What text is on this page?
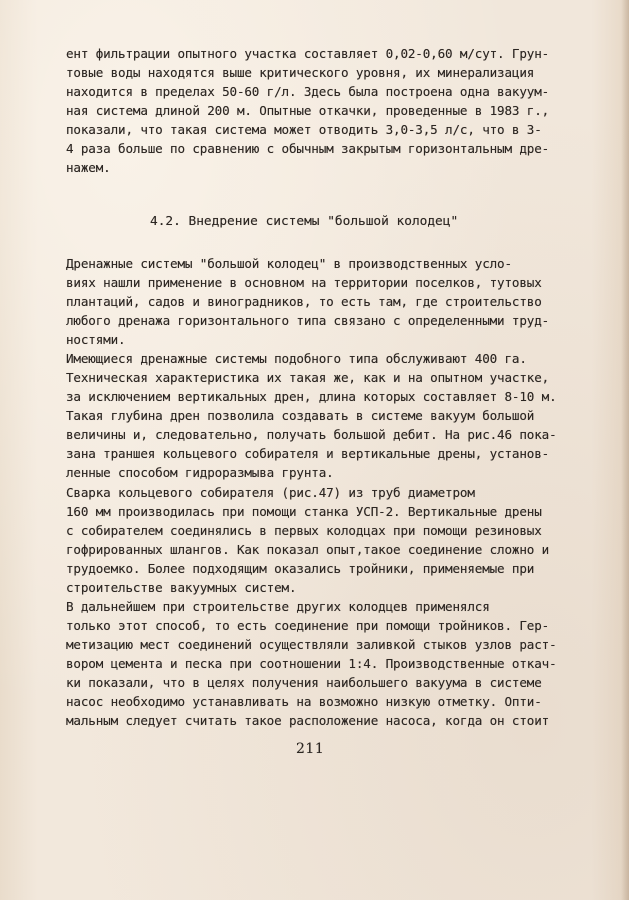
ент фильтрации опытного участка составляет 0,02-0,60 м/сут. Грун-
товые воды находятся выше критического уровня, их минерализация
находится в пределах 50-60 г/л. Здесь была построена одна вакуум-
ная система длиной 200 м. Опытные откачки, проведенные в 1983 г.,
показали, что такая система может отводить 3,0-3,5 л/с, что в 3-
4 раза больше по сравнению с обычным закрытым горизонтальным дре-
нажем.
4.2. Внедрение системы "большой колодец"
Дренажные системы "большой колодец" в производственных усло-
виях нашли применение в основном на территории поселков, тутовых
плантаций, садов и виноградников, то есть там, где строительство
любого дренажа горизонтального типа связано с определенными труд-
ностями.
Имеющиеся дренажные системы подобного типа обслуживают 400 га.
Техническая характеристика их такая же, как и на опытном участке,
за исключением вертикальных дрен, длина которых составляет 8-10 м.
Такая глубина дрен позволила создавать в системе вакуум большой
величины и, следовательно, получать большой дебит. На рис.46 пока-
зана траншея кольцевого собирателя и вертикальные дрены, установ-
ленные способом гидроразмыва грунта.
Сварка кольцевого собирателя (рис.47) из труб диаметром
160 мм производилась при помощи станка УСП-2. Вертикальные дрены
с собирателем соединялись в первых колодцах при помощи резиновых
гофрированных шлангов. Как показал опыт,такое соединение сложно и
трудоемко. Более подходящим оказались тройники, применяемые при
строительстве вакуумных систем.
В дальнейшем при строительстве других колодцев применялся
только этот способ, то есть соединение при помощи тройников. Гер-
метизацию мест соединений осуществляли заливкой стыков узлов раст-
вором цемента и песка при соотношении 1:4. Производственные откач-
ки показали, что в целях получения наибольшего вакуума в системе
насос необходимо устанавливать на возможно низкую отметку. Опти-
мальным следует считать такое расположение насоса, когда он стоит
211
